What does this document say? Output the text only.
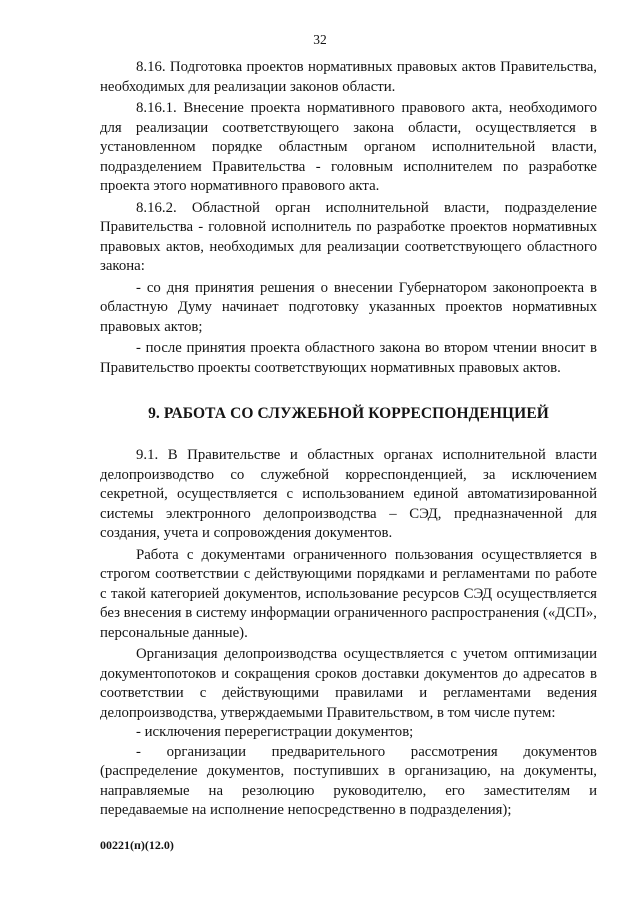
32

8.16. Подготовка проектов нормативных правовых актов Правительства, необходимых для реализации законов области.

8.16.1. Внесение проекта нормативного правового акта, необходимого для реализации соответствующего закона области, осуществляется в установленном порядке областным органом исполнительной власти, подразделением Правительства - головным исполнителем по разработке проекта этого нормативного правового акта.

8.16.2. Областной орган исполнительной власти, подразделение Правительства - головной исполнитель по разработке проектов нормативных правовых актов, необходимых для реализации соответствующего областного закона:

- со дня принятия решения о внесении Губернатором законопроекта в областную Думу начинает подготовку указанных проектов нормативных правовых актов;

- после принятия проекта областного закона во втором чтении вносит в Правительство проекты соответствующих нормативных правовых актов.

9. РАБОТА СО СЛУЖЕБНОЙ КОРРЕСПОНДЕНЦИЕЙ

9.1. В Правительстве и областных органах исполнительной власти делопроизводство со служебной корреспонденцией, за исключением секретной, осуществляется с использованием единой автоматизированной системы электронного делопроизводства – СЭД, предназначенной для создания, учета и сопровождения документов.

Работа с документами ограниченного пользования осуществляется в строгом соответствии с действующими порядками и регламентами по работе с такой категорией документов, использование ресурсов СЭД осуществляется без внесения в систему информации ограниченного распространения («ДСП», персональные данные).

Организация делопроизводства осуществляется с учетом оптимизации документопотоков и сокращения сроков доставки документов до адресатов в соответствии с действующими правилами и регламентами ведения делопроизводства, утверждаемыми Правительством, в том числе путем:

- исключения перерегистрации документов;

- организации предварительного рассмотрения документов (распределение документов, поступивших в организацию, на документы, направляемые на резолюцию руководителю, его заместителям и передаваемые на исполнение непосредственно в подразделения);

00221(п)(12.0)
